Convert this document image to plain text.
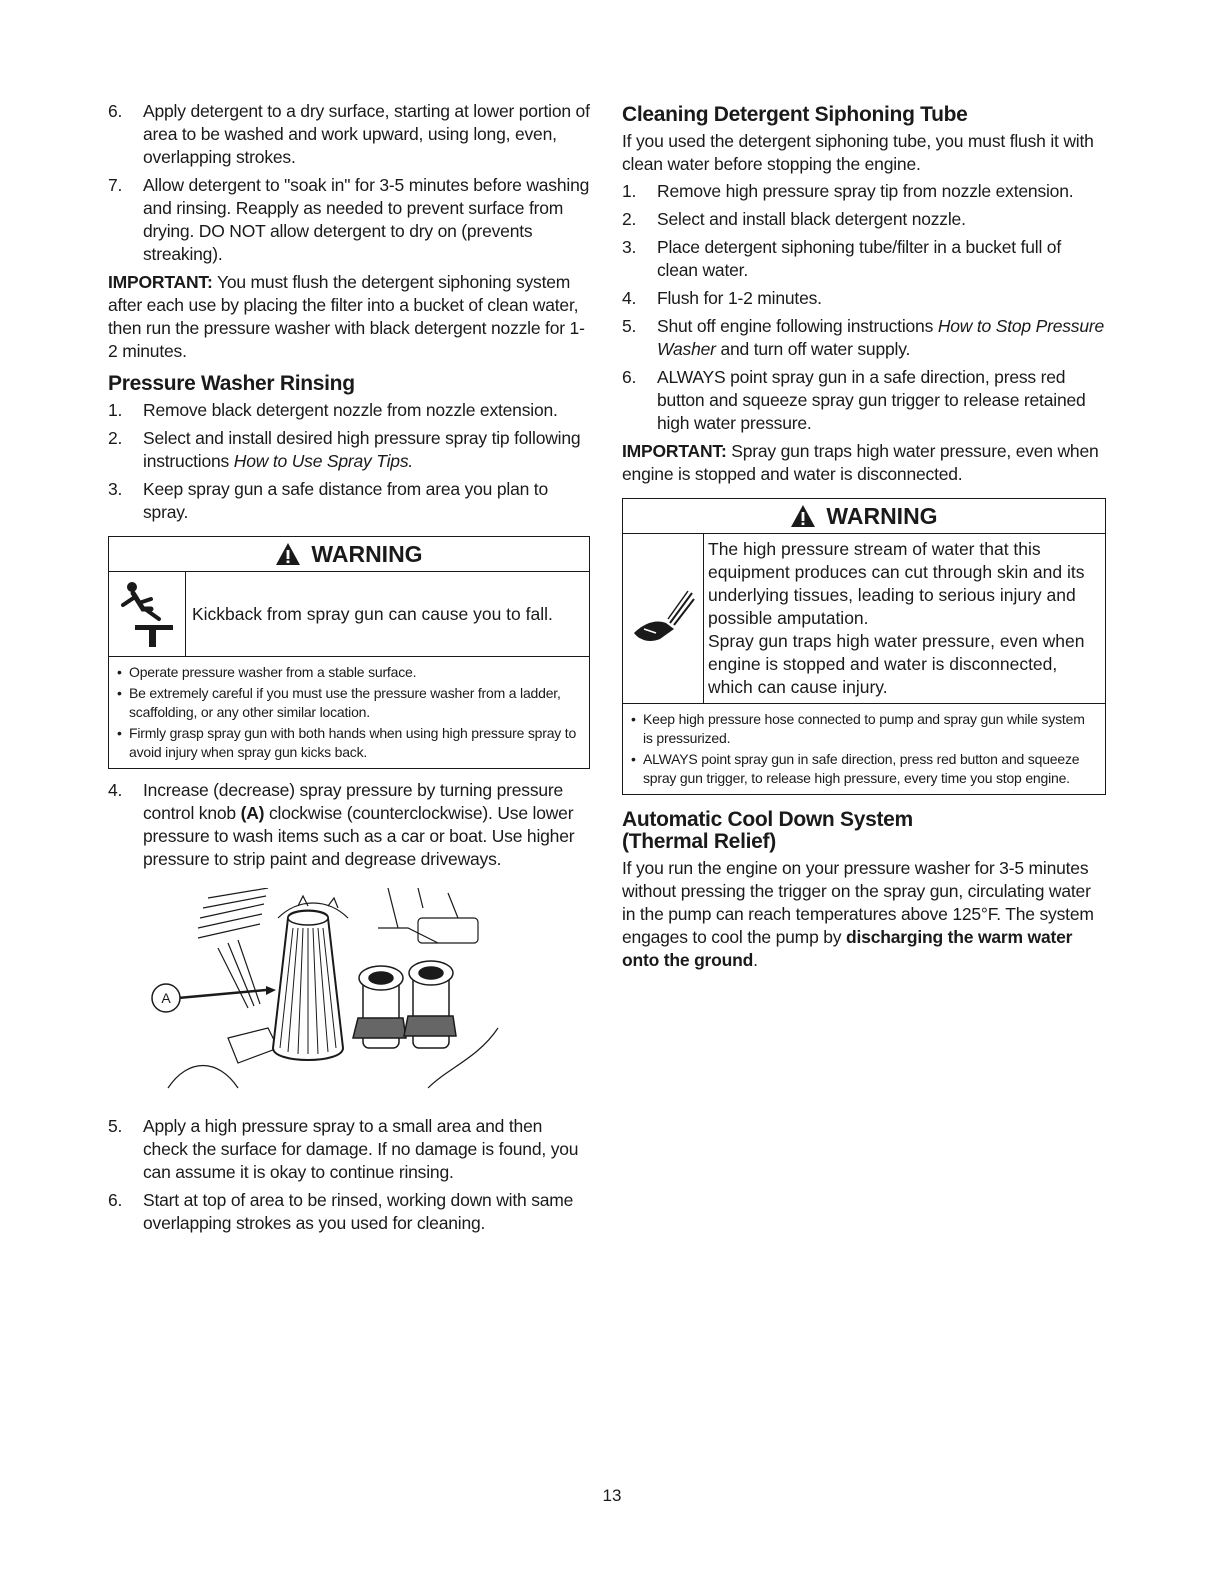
6. Apply detergent to a dry surface, starting at lower portion of area to be washed and work upward, using long, even, overlapping strokes.
7. Allow detergent to "soak in" for 3-5 minutes before washing and rinsing. Reapply as needed to prevent surface from drying. DO NOT allow detergent to dry on (prevents streaking).

IMPORTANT: You must flush the detergent siphoning system after each use by placing the filter into a bucket of clean water, then run the pressure washer with black detergent nozzle for 1-2 minutes.

Pressure Washer Rinsing
1. Remove black detergent nozzle from nozzle extension.
2. Select and install desired high pressure spray tip following instructions How to Use Spray Tips.
3. Keep spray gun a safe distance from area you plan to spray.
WARNING
Kickback from spray gun can cause you to fall.
• Operate pressure washer from a stable surface.
• Be extremely careful if you must use the pressure washer from a ladder, scaffolding, or any other similar location.
• Firmly grasp spray gun with both hands when using high pressure spray to avoid injury when spray gun kicks back.
4. Increase (decrease) spray pressure by turning pressure control knob (A) clockwise (counterclockwise). Use lower pressure to wash items such as a car or boat. Use higher pressure to strip paint and degrease driveways.
A
5. Apply a high pressure spray to a small area and then check the surface for damage. If no damage is found, you can assume it is okay to continue rinsing.
6. Start at top of area to be rinsed, working down with same overlapping strokes as you used for cleaning.
Cleaning Detergent Siphoning Tube

If you used the detergent siphoning tube, you must flush it with clean water before stopping the engine.

1. Remove high pressure spray tip from nozzle extension.
2. Select and install black detergent nozzle.
3. Place detergent siphoning tube/filter in a bucket full of clean water.
4. Flush for 1-2 minutes.
5. Shut off engine following instructions How to Stop Pressure Washer and turn off water supply.
6. ALWAYS point spray gun in a safe direction, press red button and squeeze spray gun trigger to release retained high water pressure.

IMPORTANT: Spray gun traps high water pressure, even when engine is stopped and water is disconnected.

WARNING
The high pressure stream of water that this equipment produces can cut through skin and its underlying tissues, leading to serious injury and possible amputation.
Spray gun traps high water pressure, even when engine is stopped and water is disconnected, which can cause injury.
• Keep high pressure hose connected to pump and spray gun while system is pressurized.
• ALWAYS point spray gun in safe direction, press red button and squeeze spray gun trigger, to release high pressure, every time you stop engine.
Automatic Cool Down System
(Thermal Relief)

If you run the engine on your pressure washer for 3-5 minutes without pressing the trigger on the spray gun, circulating water in the pump can reach temperatures above 125°F. The system engages to cool the pump by discharging the warm water onto the ground.

13
